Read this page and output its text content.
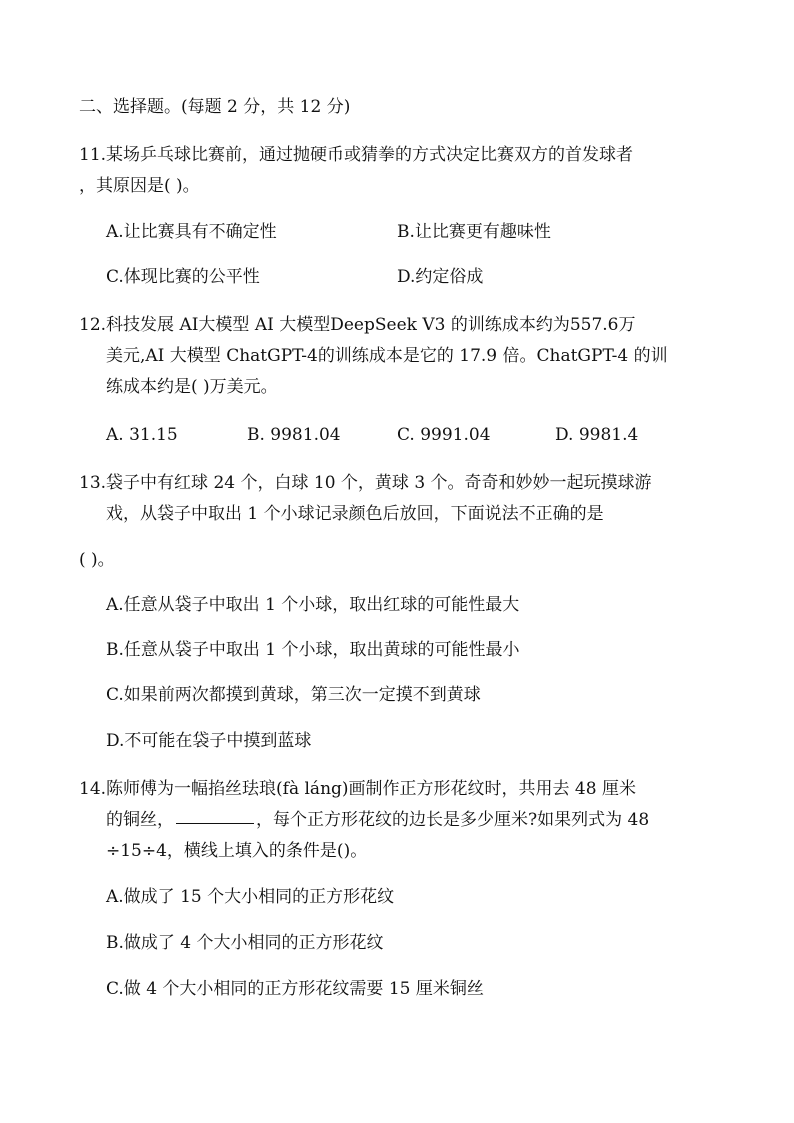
二、选择题。(每题 2 分，共 12 分)
11.某场乒乓球比赛前，通过抛硬币或猜拳的方式决定比赛双方的首发球者
，其原因是( )。
A.让比赛具有不确定性	B.让比赛更有趣味性
C.体现比赛的公平性	D.约定俗成
12.科技发展 AI大模型 AI 大模型DeepSeek V3 的训练成本约为557.6万
美元,AI 大模型 ChatGPT-4的训练成本是它的 17.9 倍。ChatGPT-4 的训
练成本约是( )万美元。
A. 31.15	B. 9981.04	C. 9991.04	D. 9981.4
13.袋子中有红球 24 个，白球 10 个，黄球 3 个。奇奇和妙妙一起玩摸球游
戏，从袋子中取出 1 个小球记录颜色后放回，下面说法不正确的是
( )。
A.任意从袋子中取出 1 个小球，取出红球的可能性最大
B.任意从袋子中取出 1 个小球，取出黄球的可能性最小
C.如果前两次都摸到黄球，第三次一定摸不到黄球
D.不可能在袋子中摸到蓝球
14.陈师傅为一幅掐丝珐琅(fà láng)画制作正方形花纹时，共用去 48 厘米
的铜丝，	，每个正方形花纹的边长是多少厘米?如果列式为 48
÷15÷4，横线上填入的条件是()。
A.做成了 15 个大小相同的正方形花纹
B.做成了 4 个大小相同的正方形花纹
C.做 4 个大小相同的正方形花纹需要 15 厘米铜丝
